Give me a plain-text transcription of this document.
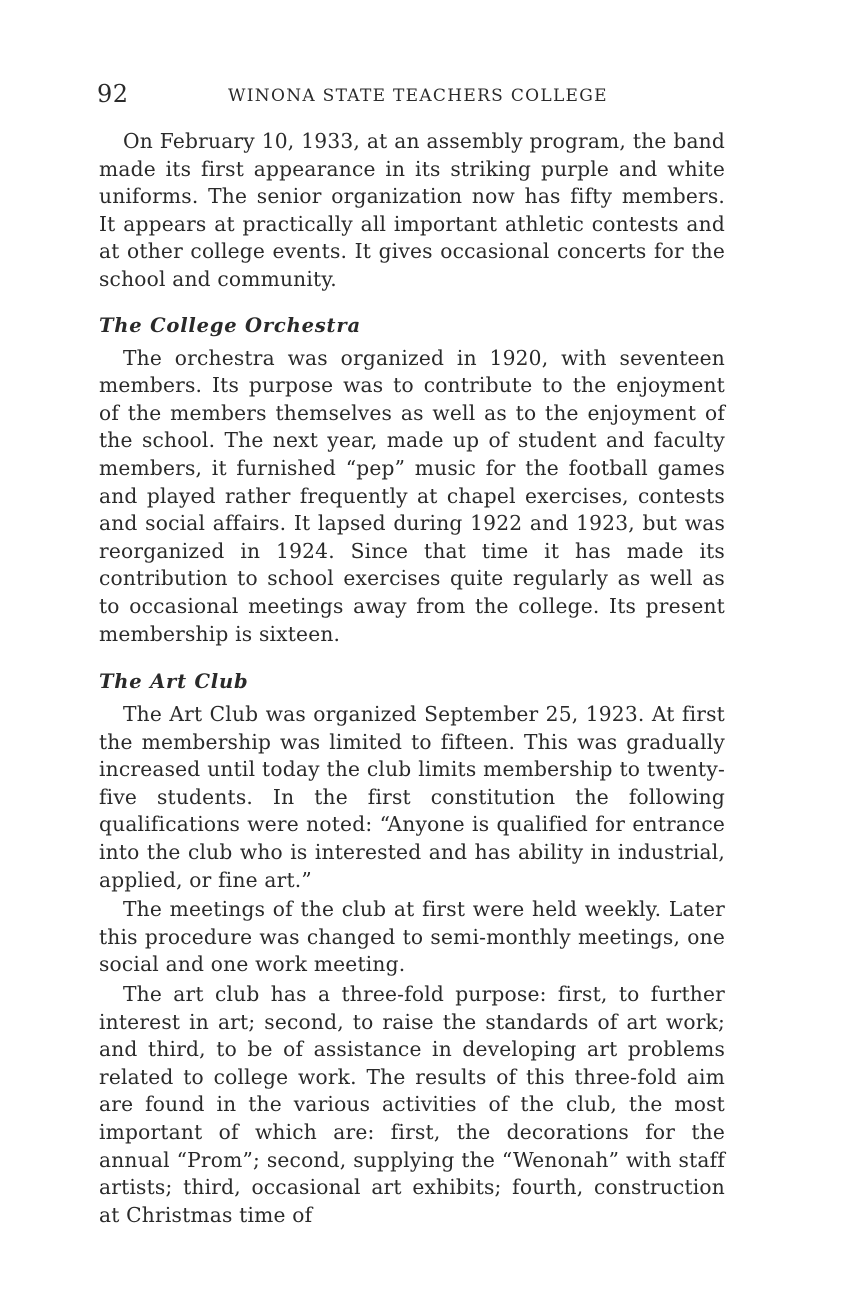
92	WINONA STATE TEACHERS COLLEGE

On February 10, 1933, at an assembly program, the band made its first appearance in its striking purple and white uniforms. The senior organization now has fifty members. It appears at practically all important athletic contests and at other college events. It gives occasional concerts for the school and community.

The College Orchestra

The orchestra was organized in 1920, with seventeen members. Its purpose was to contribute to the enjoyment of the members themselves as well as to the enjoyment of the school. The next year, made up of student and faculty members, it furnished “pep” music for the football games and played rather frequently at chapel exercises, contests and social affairs. It lapsed during 1922 and 1923, but was reorganized in 1924. Since that time it has made its contribution to school exercises quite regularly as well as to occasional meetings away from the college. Its present membership is sixteen.

The Art Club

The Art Club was organized September 25, 1923. At first the membership was limited to fifteen. This was gradually increased until today the club limits membership to twenty-five students. In the first constitution the following qualifications were noted: “Anyone is qualified for entrance into the club who is interested and has ability in industrial, applied, or fine art.”

The meetings of the club at first were held weekly. Later this procedure was changed to semi-monthly meetings, one social and one work meeting.

The art club has a three-fold purpose: first, to further interest in art; second, to raise the standards of art work; and third, to be of assistance in developing art problems related to college work. The results of this three-fold aim are found in the various activities of the club, the most important of which are: first, the decorations for the annual “Prom”; second, supplying the “Wenonah” with staff artists; third, occasional art exhibits; fourth, construction at Christmas time of
